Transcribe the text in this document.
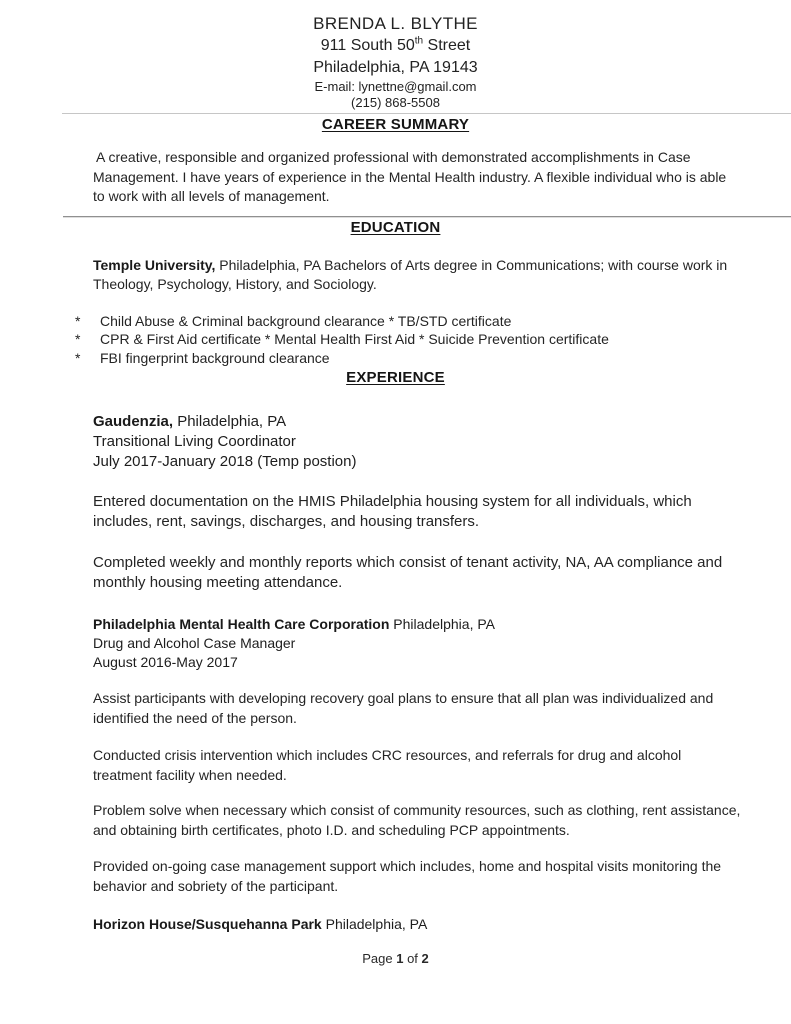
BRENDA L. BLYTHE
911 South 50th Street
Philadelphia, PA 19143
E-mail: lynettne@gmail.com
(215) 868-5508
CAREER SUMMARY

A creative, responsible and organized professional with demonstrated accomplishments in Case Management. I have years of experience in the Mental Health industry. A flexible individual who is able to work with all levels of management.

EDUCATION

Temple University, Philadelphia, PA Bachelors of Arts degree in Communications; with course work in Theology, Psychology, History, and Sociology.

* Child Abuse & Criminal background clearance * TB/STD certificate
* CPR & First Aid certificate * Mental Health First Aid * Suicide Prevention certificate
* FBI fingerprint background clearance
EXPERIENCE
Gaudenzia, Philadelphia, PA
Transitional Living Coordinator
July 2017-January 2018 (Temp postion)

Entered documentation on the HMIS Philadelphia housing system for all individuals, which includes, rent, savings, discharges, and housing transfers.

Completed weekly and monthly reports which consist of tenant activity, NA, AA compliance and monthly housing meeting attendance.

Philadelphia Mental Health Care Corporation Philadelphia, PA
Drug and Alcohol Case Manager
August 2016-May 2017

Assist participants with developing recovery goal plans to ensure that all plan was individualized and identified the need of the person.

Conducted crisis intervention which includes CRC resources, and referrals for drug and alcohol treatment facility when needed.

Problem solve when necessary which consist of community resources, such as clothing, rent assistance, and obtaining birth certificates, photo I.D. and scheduling PCP appointments.

Provided on-going case management support which includes, home and hospital visits monitoring the behavior and sobriety of the participant.

Horizon House/Susquehanna Park Philadelphia, PA
Page 1 of 2
